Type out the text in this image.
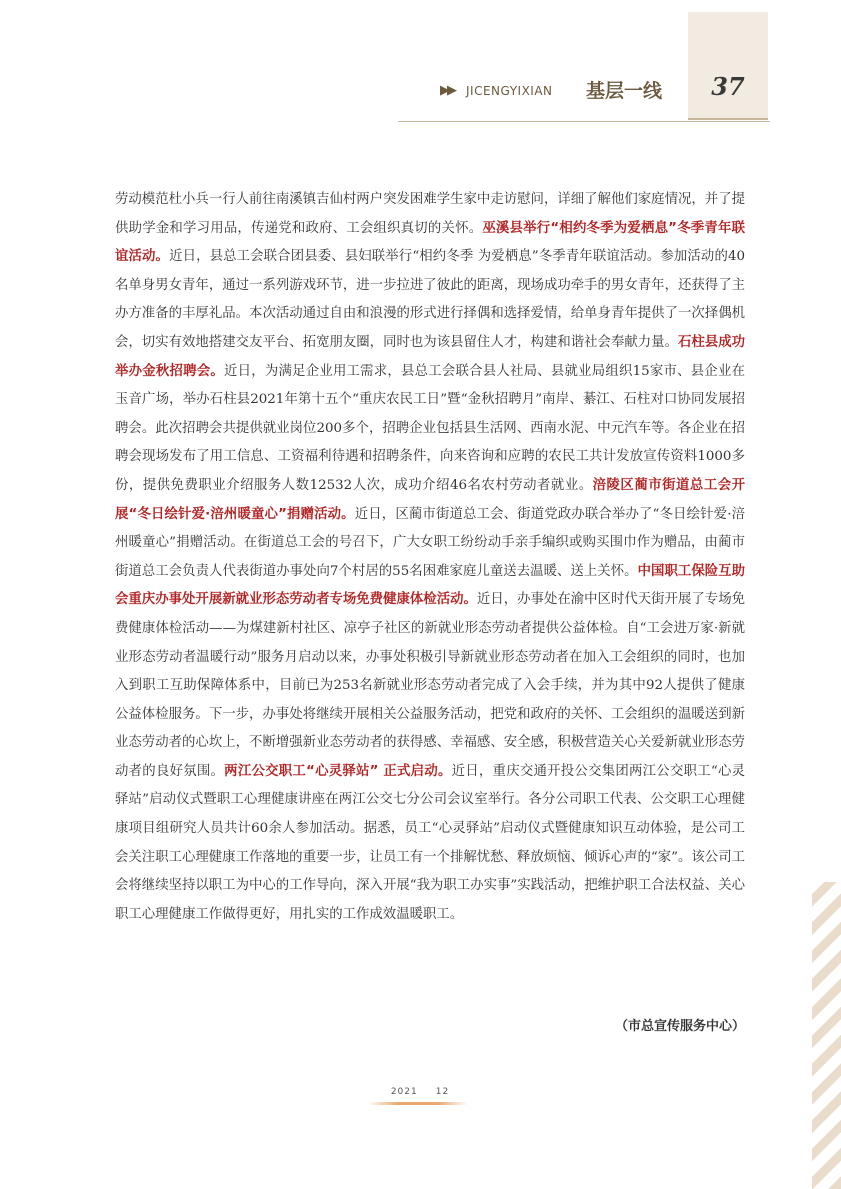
▶▶ JICENGYIXIAN 基层一线	37

劳动模范杜小兵一行人前往南溪镇吉仙村两户突发困难学生家中走访慰问，详细了解他们家庭情况，并了提供助学金和学习用品，传递党和政府、工会组织真切的关怀。巫溪县举行“相约冬季为爱栖息”冬季青年联谊活动。近日，县总工会联合团县委、县妇联举行“相约冬季 为爱栖息”冬季青年联谊活动。参加活动的40名单身男女青年，通过一系列游戏环节，进一步拉进了彼此的距离，现场成功牵手的男女青年，还获得了主办方准备的丰厚礼品。本次活动通过自由和浪漫的形式进行择偶和选择爱情，给单身青年提供了一次择偶机会，切实有效地搭建交友平台、拓宽朋友圈，同时也为该县留住人才，构建和谐社会奉献力量。石柱县成功举办金秋招聘会。近日，为满足企业用工需求，县总工会联合县人社局、县就业局组织15家市、县企业在玉音广场，举办石柱县2021年第十五个“重庆农民工日”暨“金秋招聘月”南岸、綦江、石柱对口协同发展招聘会。此次招聘会共提供就业岗位200多个，招聘企业包括县生活网、西南水泥、中元汽车等。各企业在招聘会现场发布了用工信息、工资福利待遇和招聘条件，向来咨询和应聘的农民工共计发放宣传资料1000多份，提供免费职业介绍服务人数12532人次，成功介绍46名农村劳动者就业。涪陵区蔺市街道总工会开展“冬日绘针爱·涪州暖童心”捐赠活动。近日，区蔺市街道总工会、街道党政办联合举办了“冬日绘针爱·涪州暖童心”捐赠活动。在街道总工会的号召下，广大女职工纷纷动手亲手编织或购买围巾作为赠品，由蔺市街道总工会负责人代表街道办事处向7个村居的55名困难家庭儿童送去温暖、送上关怀。中国职工保险互助会重庆办事处开展新就业形态劳动者专场免费健康体检活动。近日，办事处在渝中区时代天街开展了专场免费健康体检活动——为煤建新村社区、凉亭子社区的新就业形态劳动者提供公益体检。自“工会进万家·新就业形态劳动者温暖行动”服务月启动以来，办事处积极引导新就业形态劳动者在加入工会组织的同时，也加入到职工互助保障体系中，目前已为253名新就业形态劳动者完成了入会手续，并为其中92人提供了健康公益体检服务。下一步，办事处将继续开展相关公益服务活动，把党和政府的关怀、工会组织的温暖送到新业态劳动者的心坎上，不断增强新业态劳动者的获得感、幸福感、安全感，积极营造关心关爱新就业形态劳动者的良好氛围。两江公交职工“心灵驿站” 正式启动。近日，重庆交通开投公交集团两江公交职工“心灵驿站”启动仪式暨职工心理健康讲座在两江公交七分公司会议室举行。各分公司职工代表、公交职工心理健康项目组研究人员共计60余人参加活动。据悉，员工“心灵驿站”启动仪式暨健康知识互动体验，是公司工会关注职工心理健康工作落地的重要一步，让员工有一个排解忧愁、释放烦恼、倾诉心声的“家”。该公司工会将继续坚持以职工为中心的工作导向，深入开展“我为职工办实事”实践活动，把维护职工合法权益、关心职工心理健康工作做得更好，用扎实的工作成效温暖职工。

（市总宣传服务中心）
2021 12
